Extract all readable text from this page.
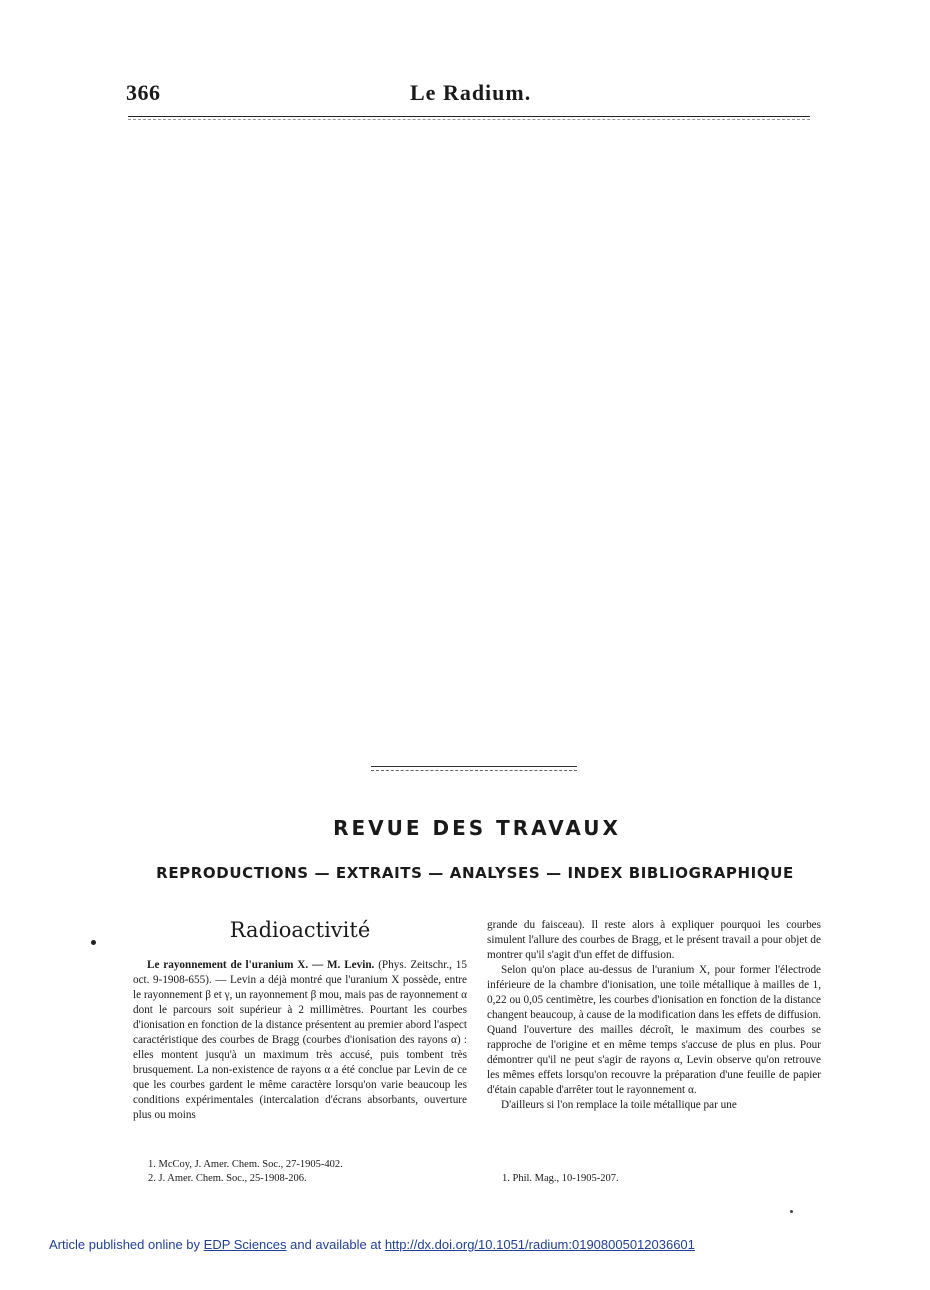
366	Le Radium.
REVUE DES TRAVAUX
REPRODUCTIONS — EXTRAITS — ANALYSES — INDEX BIBLIOGRAPHIQUE
Radioactivité

Le rayonnement de l'uranium X. — M. Levin. (Phys. Zeitschr., 15 oct. 9-1908-655). — Levin a déjà montré que l'uranium X possède, entre le rayonnement β et γ, un rayonnement β mou, mais pas de rayonnement α dont le parcours soit supérieur à 2 millimètres. Pourtant les courbes d'ionisation en fonction de la distance présentent au premier abord l'aspect caractéristique des courbes de Bragg (courbes d'ionisation des rayons α) : elles montent jusqu'à un maximum très accusé, puis tombent très brusquement. La non-existence de rayons α a été conclue par Levin de ce que les courbes gardent le même caractère lorsqu'on varie beaucoup les conditions expérimentales (intercalation d'écrans absorbants, ouverture plus ou moins

1. McCoy, J. Amer. Chem. Soc., 27-1905-402.

2. J. Amer. Chem. Soc., 25-1908-206.

grande du faisceau). Il reste alors à expliquer pourquoi les courbes simulent l'allure des courbes de Bragg, et le présent travail a pour objet de montrer qu'il s'agit d'un effet de diffusion.

Selon qu'on place au-dessus de l'uranium X, pour former l'électrode inférieure de la chambre d'ionisation, une toile métallique à mailles de 1, 0,22 ou 0,05 centimètre, les courbes d'ionisation en fonction de la distance changent beaucoup, à cause de la modification dans les effets de diffusion. Quand l'ouverture des mailles décroît, le maximum des courbes se rapproche de l'origine et en même temps s'accuse de plus en plus. Pour démontrer qu'il ne peut s'agir de rayons α, Levin observe qu'on retrouve les mêmes effets lorsqu'on recouvre la préparation d'une feuille de papier d'étain capable d'arrêter tout le rayonnement α.

D'ailleurs si l'on remplace la toile métallique par une

1. Phil. Mag., 10-1905-207.

Article published online by EDP Sciences and available at http://dx.doi.org/10.1051/radium:01908005012036601
